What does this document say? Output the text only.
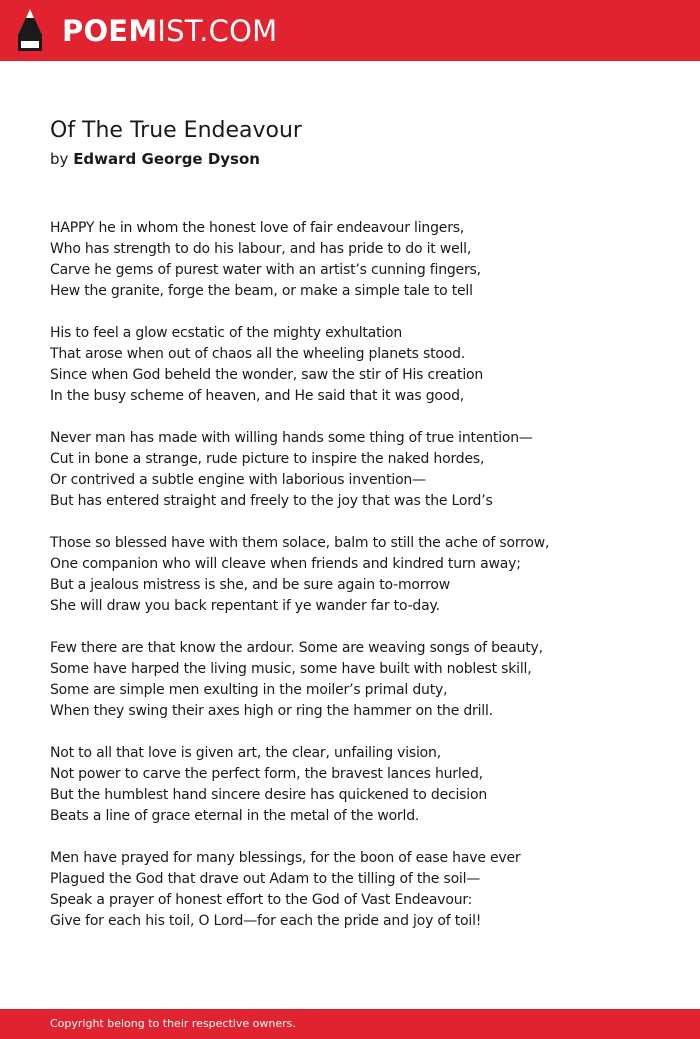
POEMIST.COM
Of The True Endeavour
by Edward George Dyson
HAPPY he in whom the honest love of fair endeavour lingers,
Who has strength to do his labour, and has pride to do it well,
Carve he gems of purest water with an artist’s cunning fingers,
Hew the granite, forge the beam, or make a simple tale to tell
His to feel a glow ecstatic of the mighty exhultation
That arose when out of chaos all the wheeling planets stood.
Since when God beheld the wonder, saw the stir of His creation
In the busy scheme of heaven, and He said that it was good,
Never man has made with willing hands some thing of true intention—
Cut in bone a strange, rude picture to inspire the naked hordes,
Or contrived a subtle engine with laborious invention—
But has entered straight and freely to the joy that was the Lord’s
Those so blessed have with them solace, balm to still the ache of sorrow,
One companion who will cleave when friends and kindred turn away;
But a jealous mistress is she, and be sure again to-morrow
She will draw you back repentant if ye wander far to-day.
Few there are that know the ardour. Some are weaving songs of beauty,
Some have harped the living music, some have built with noblest skill,
Some are simple men exulting in the moiler’s primal duty,
When they swing their axes high or ring the hammer on the drill.
Not to all that love is given art, the clear, unfailing vision,
Not power to carve the perfect form, the bravest lances hurled,
But the humblest hand sincere desire has quickened to decision
Beats a line of grace eternal in the metal of the world.
Men have prayed for many blessings, for the boon of ease have ever
Plagued the God that drave out Adam to the tilling of the soil—
Speak a prayer of honest effort to the God of Vast Endeavour:
Give for each his toil, O Lord—for each the pride and joy of toil!
Copyright belong to their respective owners.
